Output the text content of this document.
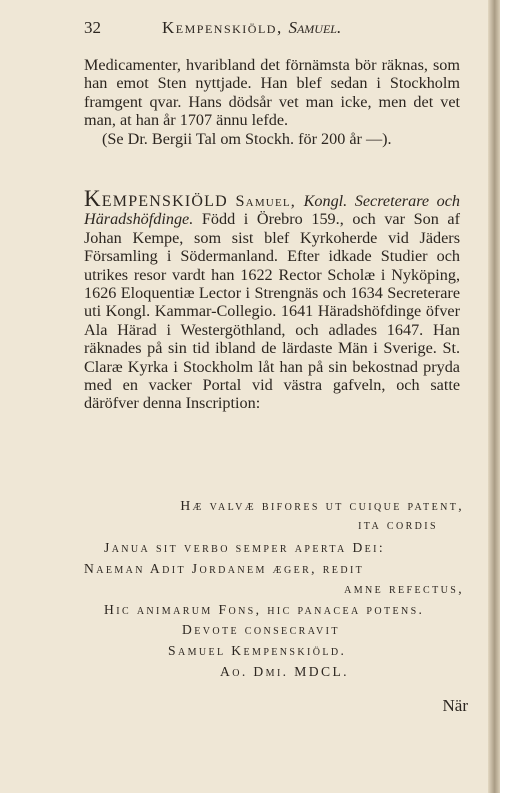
32	Kempenskiöld, Samuel.
Medicamenter, hvaribland det förnämsta bör räknas, som han emot Sten nyttjade. Han blef sedan i Stockholm framgent qvar. Hans dödsår vet man icke, men det vet man, at han år 1707 ännu lefde.
(Se Dr. Bergii Tal om Stockh. för 200 år —).
Kempenskiöld Samuel, Kongl. Secreterare och Häradshöfdinge. Född i Örebro 159., och var Son af Johan Kempe, som sist blef Kyrkoherde vid Jäders Församling i Södermanland. Efter idkade Studier och utrikes resor vardt han 1622 Rector Scholæ i Nyköping, 1626 Eloquentiæ Lector i Strengnäs och 1634 Secreterare uti Kongl. Kammar-Collegio. 1641 Häradshöfdinge öfver Ala Härad i Westergöthland, och adlades 1647. Han räknades på sin tid ibland de lärdaste Män i Sverige. St. Claræ Kyrka i Stockholm låt han på sin bekostnad pryda med en vacker Portal vid västra gafveln, och satte däröfver denna Inscription:
Hæ valvæ bifores ut cuique patent,
ita cordis
Janua sit verbo semper aperta Dei:
Naeman Adit Jordanem æger, redit
amne refectus,
Hic animarum Fons, hic panacea potens.
Devote consecravit
Samuel Kempenskiöld.
Ao. Dmi. MDCL.
När
